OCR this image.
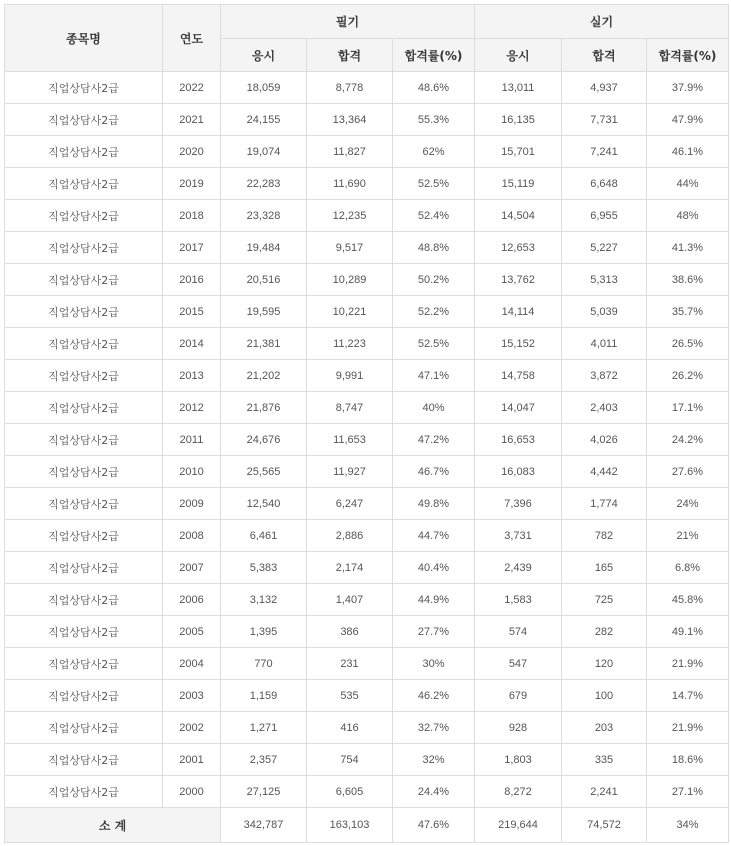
종목명	연도	필기			실기		
		응시	합격	합격률(%)	응시	합격	합격률(%)
직업상담사2급	2022	18,059	8,778	48.6%	13,011	4,937	37.9%
직업상담사2급	2021	24,155	13,364	55.3%	16,135	7,731	47.9%
직업상담사2급	2020	19,074	11,827	62%	15,701	7,241	46.1%
직업상담사2급	2019	22,283	11,690	52.5%	15,119	6,648	44%
직업상담사2급	2018	23,328	12,235	52.4%	14,504	6,955	48%
직업상담사2급	2017	19,484	9,517	48.8%	12,653	5,227	41.3%
직업상담사2급	2016	20,516	10,289	50.2%	13,762	5,313	38.6%
직업상담사2급	2015	19,595	10,221	52.2%	14,114	5,039	35.7%
직업상담사2급	2014	21,381	11,223	52.5%	15,152	4,011	26.5%
직업상담사2급	2013	21,202	9,991	47.1%	14,758	3,872	26.2%
직업상담사2급	2012	21,876	8,747	40%	14,047	2,403	17.1%
직업상담사2급	2011	24,676	11,653	47.2%	16,653	4,026	24.2%
직업상담사2급	2010	25,565	11,927	46.7%	16,083	4,442	27.6%
직업상담사2급	2009	12,540	6,247	49.8%	7,396	1,774	24%
직업상담사2급	2008	6,461	2,886	44.7%	3,731	782	21%
직업상담사2급	2007	5,383	2,174	40.4%	2,439	165	6.8%
직업상담사2급	2006	3,132	1,407	44.9%	1,583	725	45.8%
직업상담사2급	2005	1,395	386	27.7%	574	282	49.1%
직업상담사2급	2004	770	231	30%	547	120	21.9%
직업상담사2급	2003	1,159	535	46.2%	679	100	14.7%
직업상담사2급	2002	1,271	416	32.7%	928	203	21.9%
직업상담사2급	2001	2,357	754	32%	1,803	335	18.6%
직업상담사2급	2000	27,125	6,605	24.4%	8,272	2,241	27.1%
소 계		342,787	163,103	47.6%	219,644	74,572	34%
